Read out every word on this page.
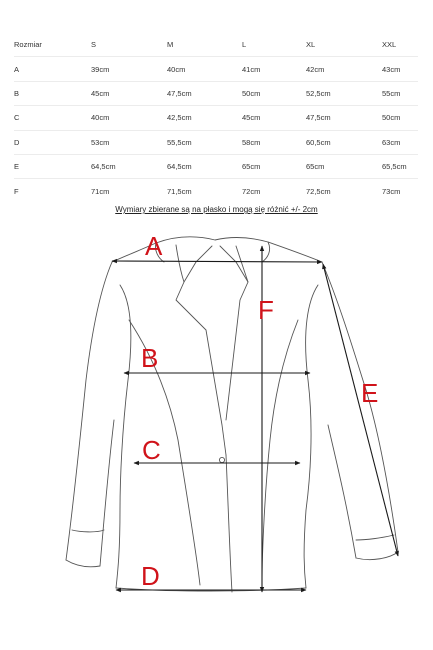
Rozmiar	S	M	L	XL	XXL
A	39cm	40cm	41cm	42cm	43cm
B	45cm	47,5cm	50cm	52,5cm	55cm
C	40cm	42,5cm	45cm	47,5cm	50cm
D	53cm	55,5cm	58cm	60,5cm	63cm
E	64,5cm	64,5cm	65cm	65cm	65,5cm
F	71cm	71,5cm	72cm	72,5cm	73cm
Wymiary zbierane są na płasko i mogą się różnić +/- 2cm
A
B
C
D
E
F
